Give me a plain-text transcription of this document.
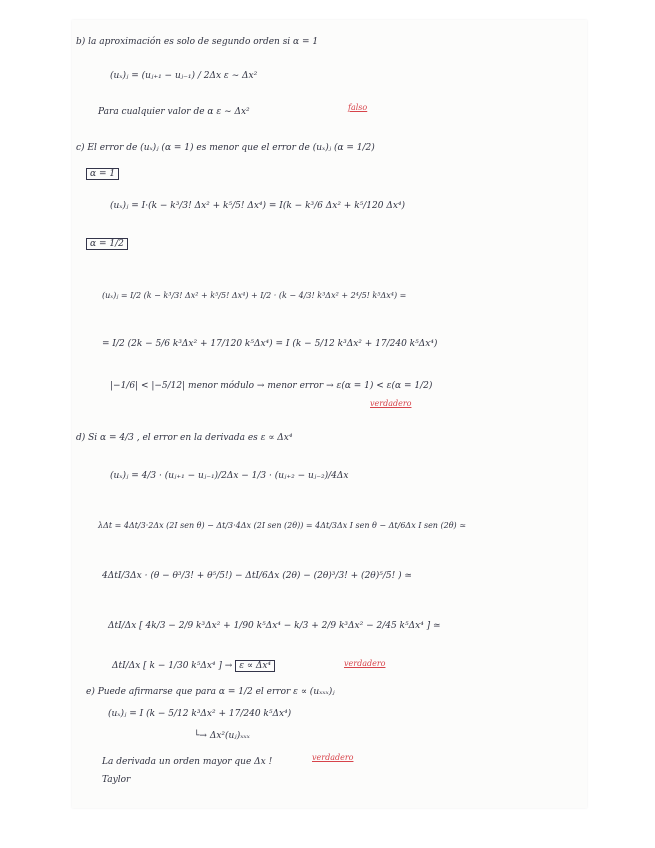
b) la aproximación es solo de segundo orden si α = 1
(uₓ)ⱼ = (uⱼ₊₁ − uⱼ₋₁) / 2Δx ε ∼ Δx²
Para cualquier valor de α ε ∼ Δx²	falso
c) El error de (uₓ)ⱼ (α = 1) es menor que el error de (uₓ)ⱼ (α = 1/2)
α = 1
(uₓ)ⱼ = I·(k − k³/3! Δx² + k⁵/5! Δx⁴) = I(k − k³/6 Δx² + k⁵/120 Δx⁴)
α = 1/2
(uₓ)ⱼ = I/2 (k − k³/3! Δx² + k⁵/5! Δx⁴) + I/2 · (k − 4/3! k³Δx² + 2⁴/5! k⁵Δx⁴) =
= I/2 (2k − 5/6 k³Δx² + 17/120 k⁵Δx⁴) = I (k − 5/12 k³Δx² + 17/240 k⁵Δx⁴)
|−1/6| < |−5/12| menor módulo → menor error → ε(α = 1) < ε(α = 1/2)
verdadero
d) Si α = 4/3 , el error en la derivada es ε ∝ Δx⁴
(uₓ)ⱼ = 4/3 · (uⱼ₊₁ − uⱼ₋₁)/2Δx − 1/3 · (uⱼ₊₂ − uⱼ₋₂)/4Δx
λΔt = 4Δt/3·2Δx (2I sen θ) − Δt/3·4Δx (2I sen (2θ)) = 4Δt/3Δx I sen θ − Δt/6Δx I sen (2θ) ≃
4ΔtI/3Δx · (θ − θ³/3! + θ⁵/5!) − ΔtI/6Δx (2θ) − (2θ)³/3! + (2θ)⁵/5! ) ≃
ΔtI/Δx [ 4k/3 − 2/9 k³Δx² + 1/90 k⁵Δx⁴ − k/3 + 2/9 k³Δx² − 2/45 k⁵Δx⁴ ] ≃
ΔtI/Δx [ k − 1/30 k⁵Δx⁴ ] → ε ∝ Δx⁴	verdadero
e) Puede afirmarse que para α = 1/2 el error ε ∝ (uₓₓₓ)ⱼ
(uₓ)ⱼ = I (k − 5/12 k³Δx² + 17/240 k⁵Δx⁴)
└→ Δx²(uⱼ)ₓₓₓ
La derivada un orden mayor que Δx !	verdadero
Taylor
